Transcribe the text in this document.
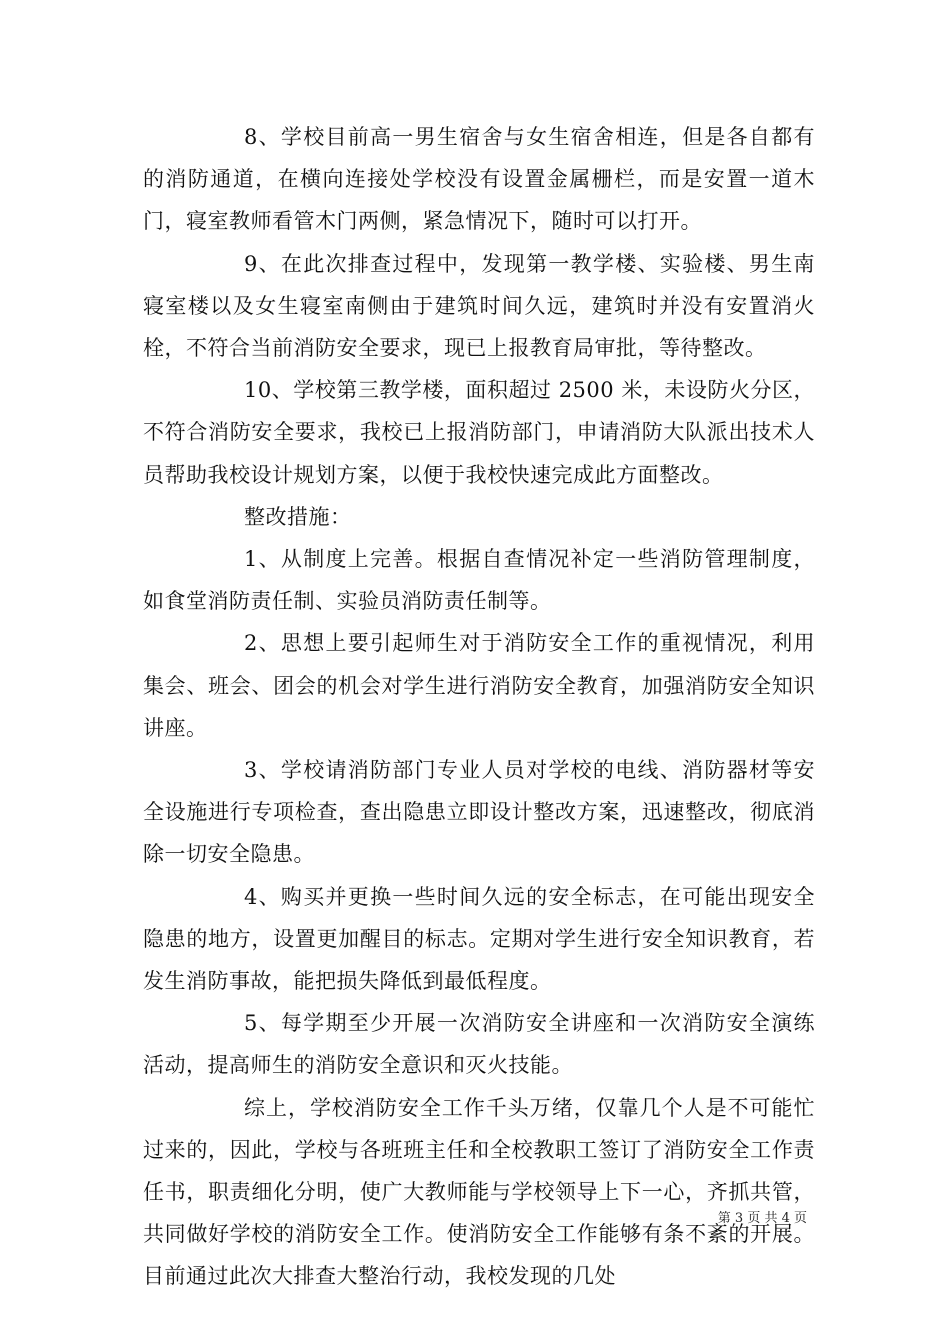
8、学校目前高一男生宿舍与女生宿舍相连，但是各自都有的消防通道，在横向连接处学校没有设置金属栅栏，而是安置一道木门，寝室教师看管木门两侧，紧急情况下，随时可以打开。

9、在此次排查过程中，发现第一教学楼、实验楼、男生南寝室楼以及女生寝室南侧由于建筑时间久远，建筑时并没有安置消火栓，不符合当前消防安全要求，现已上报教育局审批，等待整改。

10、学校第三教学楼，面积超过 2500 米，未设防火分区，不符合消防安全要求，我校已上报消防部门，申请消防大队派出技术人员帮助我校设计规划方案，以便于我校快速完成此方面整改。

整改措施：

1、从制度上完善。根据自查情况补定一些消防管理制度，如食堂消防责任制、实验员消防责任制等。

2、思想上要引起师生对于消防安全工作的重视情况，利用集会、班会、团会的机会对学生进行消防安全教育，加强消防安全知识讲座。

3、学校请消防部门专业人员对学校的电线、消防器材等安全设施进行专项检查，查出隐患立即设计整改方案，迅速整改，彻底消除一切安全隐患。

4、购买并更换一些时间久远的安全标志，在可能出现安全隐患的地方，设置更加醒目的标志。定期对学生进行安全知识教育，若发生消防事故，能把损失降低到最低程度。

5、每学期至少开展一次消防安全讲座和一次消防安全演练活动，提高师生的消防安全意识和灭火技能。

综上，学校消防安全工作千头万绪，仅靠几个人是不可能忙过来的，因此，学校与各班班主任和全校教职工签订了消防安全工作责任书，职责细化分明，使广大教师能与学校领导上下一心，齐抓共管，共同做好学校的消防安全工作。使消防安全工作能够有条不紊的开展。目前通过此次大排查大整治行动，我校发现的几处

第 3 页 共 4 页
